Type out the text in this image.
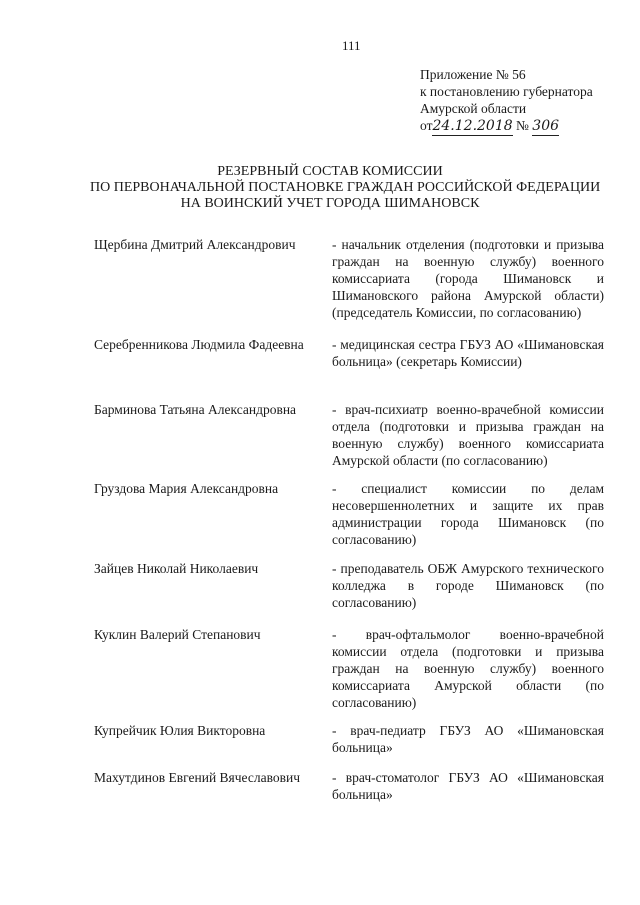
111
Приложение № 56
к постановлению губернатора
Амурской области
от24.12.2018 № 306
РЕЗЕРВНЫЙ СОСТАВ КОМИССИИ
ПО ПЕРВОНАЧАЛЬНОЙ ПОСТАНОВКЕ ГРАЖДАН РОССИЙСКОЙ ФЕДЕРАЦИИ
НА ВОИНСКИЙ УЧЕТ ГОРОДА ШИМАНОВСК
Щербина Дмитрий Александрович	- начальник отделения (подготовки и призыва граждан на военную службу) военного комиссариата (города Шимановск и Шимановского района Амурской области) (председатель Комиссии, по согласованию)
Серебренникова Людмила Фадеевна - медицинская сестра ГБУЗ АО «Шимановская больница» (секретарь Комиссии)
Барминова Татьяна Александровна	- врач-психиатр военно-врачебной комиссии отдела (подготовки и призыва граждан на военную службу) военного комиссариата Амурской области (по согласованию)
Груздова Мария Александровна	- специалист комиссии по делам несовершеннолетних и защите их прав администрации города Шимановск (по согласованию)
Зайцев Николай Николаевич	- преподаватель ОБЖ Амурского технического колледжа в городе Шимановск (по согласованию)
Куклин Валерий Степанович	- врач-офтальмолог военно-врачебной комиссии отдела (подготовки и призыва граждан на военную службу) военного комиссариата Амурской области (по согласованию)
Купрейчик Юлия Викторовна	- врач-педиатр ГБУЗ АО «Шимановская больница»
Махутдинов Евгений Вячеславович - врач-стоматолог ГБУЗ АО «Шимановская больница»
